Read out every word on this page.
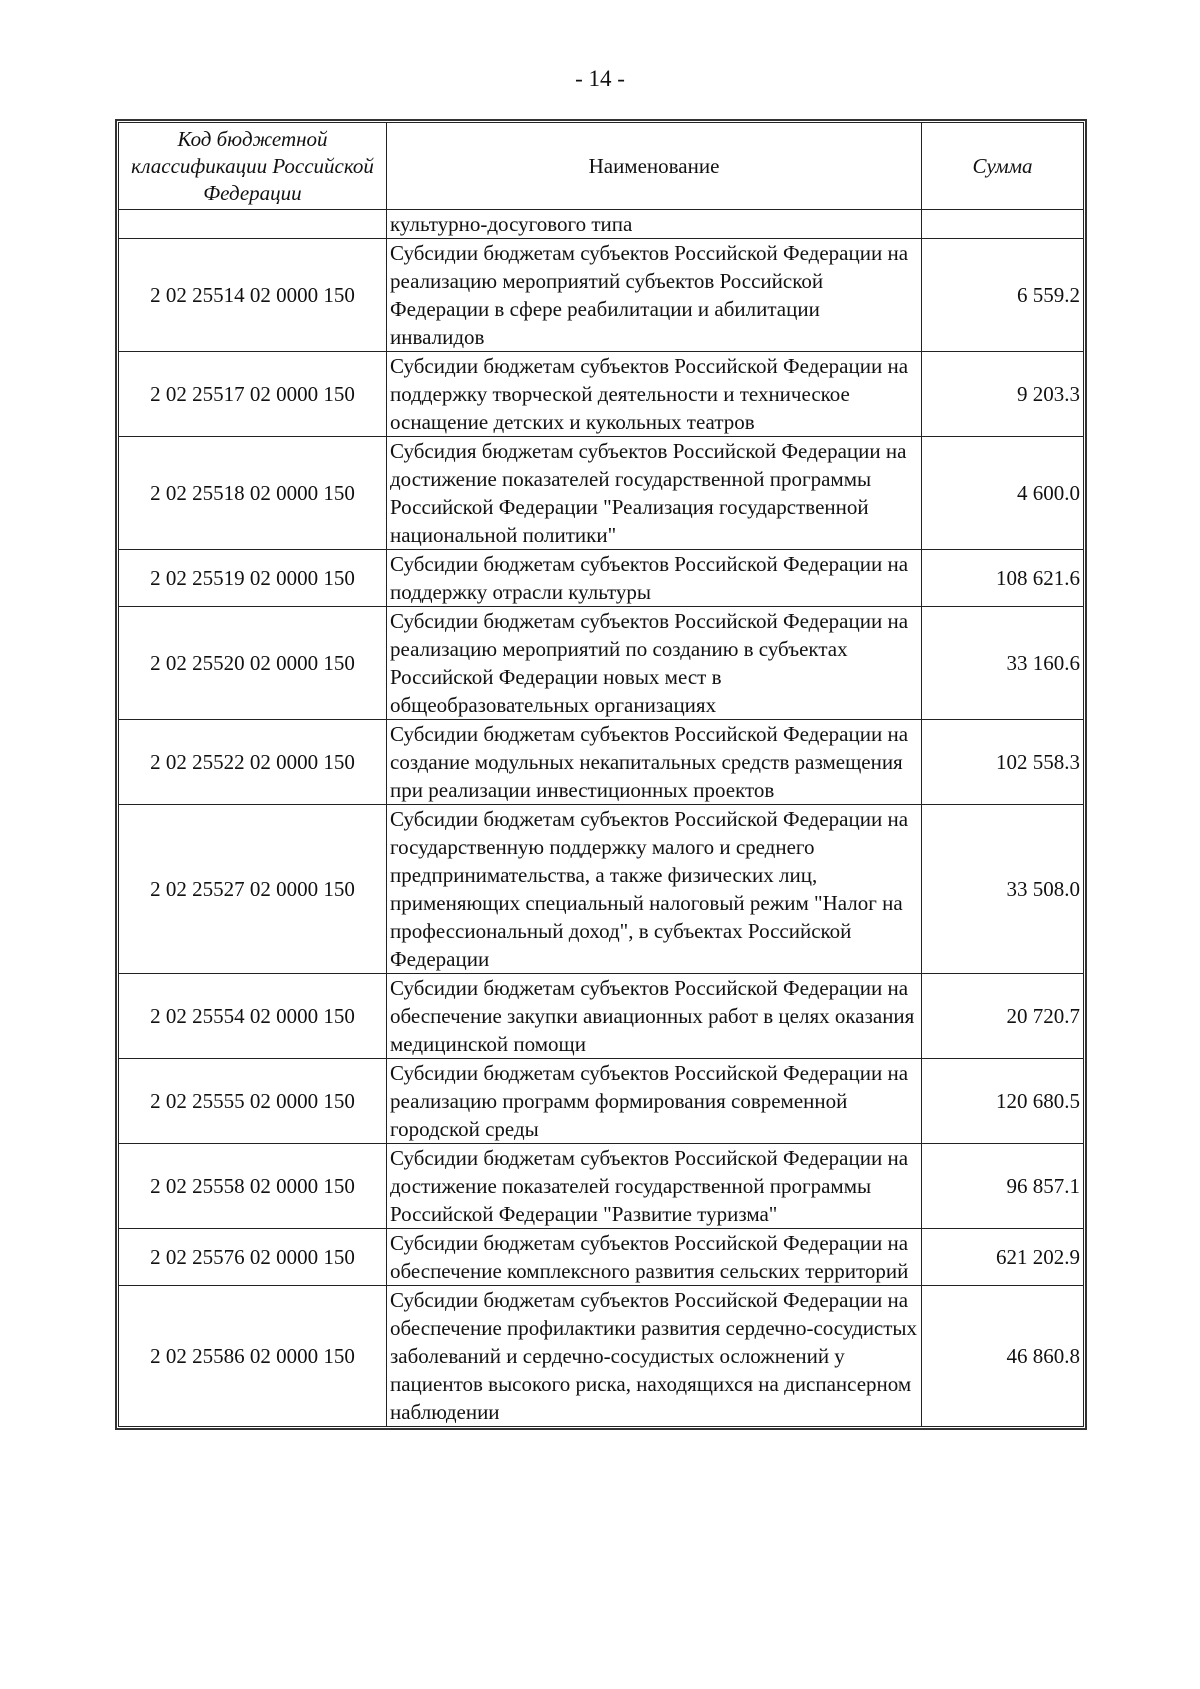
- 14 -
Код бюджетной классификации Российской Федерации	Наименование	Сумма
	культурно-досугового типа	
2 02 25514 02 0000 150	Субсидии бюджетам субъектов Российской Федерации на реализацию мероприятий субъектов Российской Федерации в сфере реабилитации и абилитации инвалидов	6 559.2
2 02 25517 02 0000 150	Субсидии бюджетам субъектов Российской Федерации на поддержку творческой деятельности и техническое оснащение детских и кукольных театров	9 203.3
2 02 25518 02 0000 150	Субсидия бюджетам субъектов Российской Федерации на достижение показателей государственной программы Российской Федерации "Реализация государственной национальной политики"	4 600.0
2 02 25519 02 0000 150	Субсидии бюджетам субъектов Российской Федерации на поддержку отрасли культуры	108 621.6
2 02 25520 02 0000 150	Субсидии бюджетам субъектов Российской Федерации на реализацию мероприятий по созданию в субъектах Российской Федерации новых мест в общеобразовательных организациях	33 160.6
2 02 25522 02 0000 150	Субсидии бюджетам субъектов Российской Федерации на создание модульных некапитальных средств размещения при реализации инвестиционных проектов	102 558.3
2 02 25527 02 0000 150	Субсидии бюджетам субъектов Российской Федерации на государственную поддержку малого и среднего предпринимательства, а также физических лиц, применяющих специальный налоговый режим "Налог на профессиональный доход", в субъектах Российской Федерации	33 508.0
2 02 25554 02 0000 150	Субсидии бюджетам субъектов Российской Федерации на обеспечение закупки авиационных работ в целях оказания медицинской помощи	20 720.7
2 02 25555 02 0000 150	Субсидии бюджетам субъектов Российской Федерации на реализацию программ формирования современной городской среды	120 680.5
2 02 25558 02 0000 150	Субсидии бюджетам субъектов Российской Федерации на достижение показателей государственной программы Российской Федерации "Развитие туризма"	96 857.1
2 02 25576 02 0000 150	Субсидии бюджетам субъектов Российской Федерации на обеспечение комплексного развития сельских территорий	621 202.9
2 02 25586 02 0000 150	Субсидии бюджетам субъектов Российской Федерации на обеспечение профилактики развития сердечно-сосудистых заболеваний и сердечно-сосудистых осложнений у пациентов высокого риска, находящихся на диспансерном наблюдении	46 860.8
